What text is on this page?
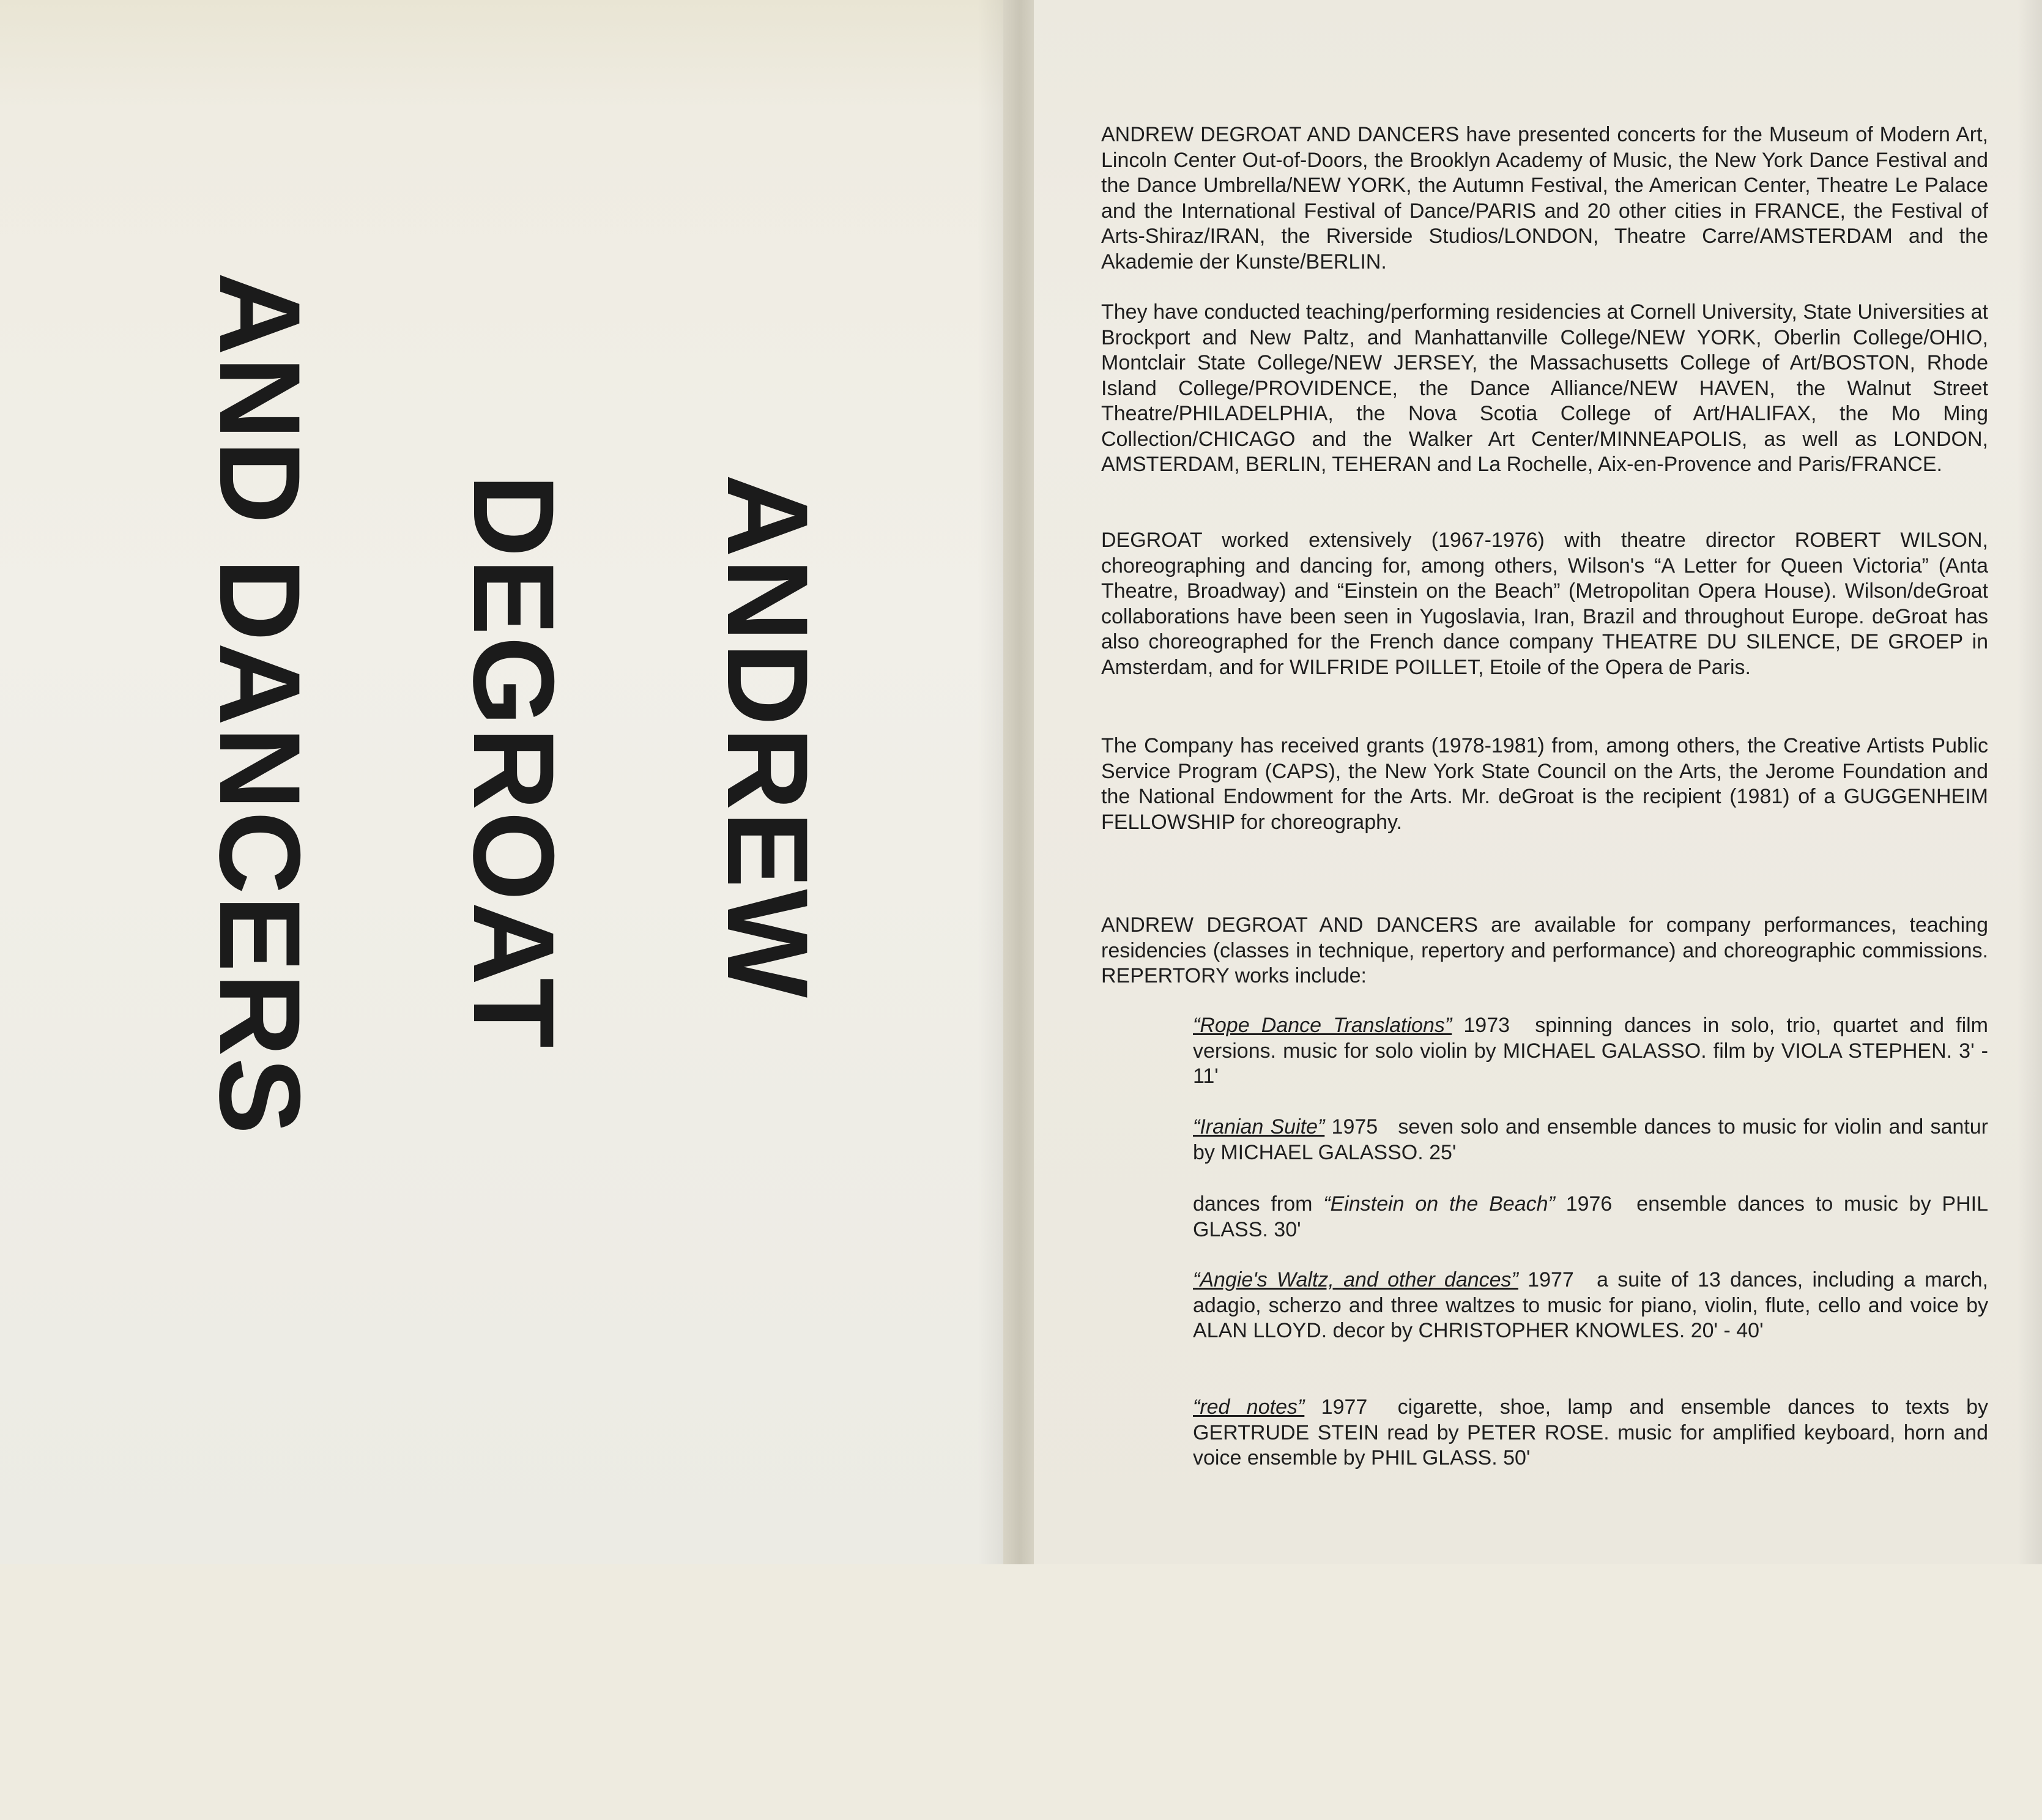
ANDREW
DEGROAT
AND DANCERS

ANDREW DEGROAT AND DANCERS have presented concerts for the Museum of Modern Art, Lincoln Center Out-of-Doors, the Brooklyn Academy of Music, the New York Dance Festival and the Dance Umbrella/NEW YORK, the Autumn Festival, the American Center, Theatre Le Palace and the International Festival of Dance/PARIS and 20 other cities in FRANCE, the Festival of Arts-Shiraz/IRAN, the Riverside Studios/LONDON, Theatre Carre/AMSTERDAM and the Akademie der Kunste/BERLIN.

They have conducted teaching/performing residencies at Cornell University, State Universities at Brockport and New Paltz, and Manhattanville College/NEW YORK, Oberlin College/OHIO, Montclair State College/NEW JERSEY, the Massachusetts College of Art/BOSTON, Rhode Island College/PROVIDENCE, the Dance Alliance/NEW HAVEN, the Walnut Street Theatre/PHILADELPHIA, the Nova Scotia College of Art/HALIFAX, the Mo Ming Collection/CHICAGO and the Walker Art Center/MINNEAPOLIS, as well as LONDON, AMSTERDAM, BERLIN, TEHERAN and La Rochelle, Aix-en-Provence and Paris/FRANCE.

DEGROAT worked extensively (1967-1976) with theatre director ROBERT WILSON, choreographing and dancing for, among others, Wilson's “A Letter for Queen Victoria” (Anta Theatre, Broadway) and “Einstein on the Beach” (Metropolitan Opera House). Wilson/deGroat collaborations have been seen in Yugoslavia, Iran, Brazil and throughout Europe. deGroat has also choreographed for the French dance company THEATRE DU SILENCE, DE GROEP in Amsterdam, and for WILFRIDE POILLET, Etoile of the Opera de Paris.

The Company has received grants (1978-1981) from, among others, the Creative Artists Public Service Program (CAPS), the New York State Council on the Arts, the Jerome Foundation and the National Endowment for the Arts. Mr. deGroat is the recipient (1981) of a GUGGENHEIM FELLOWSHIP for choreography.

ANDREW DEGROAT AND DANCERS are available for company performances, teaching residencies (classes in technique, repertory and performance) and choreographic commissions. REPERTORY works include:

“Rope Dance Translations” 1973 spinning dances in solo, trio, quartet and film versions. music for solo violin by MICHAEL GALASSO. film by VIOLA STEPHEN. 3' - 11'

“Iranian Suite” 1975 seven solo and ensemble dances to music for violin and santur by MICHAEL GALASSO. 25'

dances from “Einstein on the Beach” 1976 ensemble dances to music by PHIL GLASS. 30'

“Angie's Waltz, and other dances” 1977 a suite of 13 dances, including a march, adagio, scherzo and three waltzes to music for piano, violin, flute, cello and voice by ALAN LLOYD. decor by CHRISTOPHER KNOWLES. 20' - 40'

“red notes” 1977 cigarette, shoe, lamp and ensemble dances to texts by GERTRUDE STEIN read by PETER ROSE. music for amplified keyboard, horn and voice ensemble by PHIL GLASS. 50'
